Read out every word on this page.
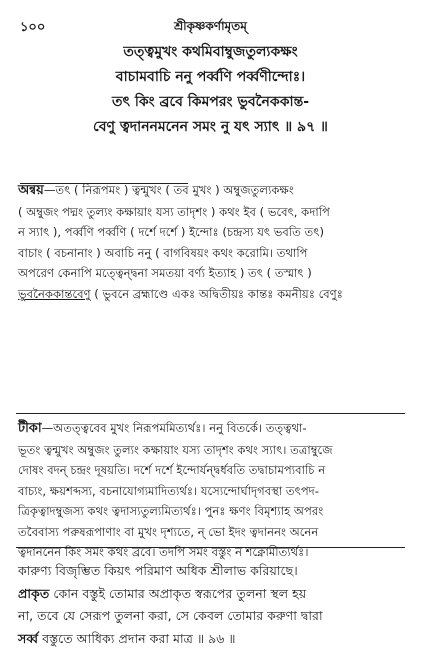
১০০	শ্রীকৃষ্ণকর্ণামৃতম্
তত্ত্বমুখং কথমিবাম্বুজতুল্যকক্ষং
বাচামবাচি ননু পর্ব্বণি পর্ব্বণীন্দোঃ।
তৎ কিং ব্রবে কিমপরং ভুবনৈককান্ত-
বেণু ত্বদাননমনেন সমং নু যৎ স্যাৎ ॥ ৯৭ ॥

অন্বয়—তৎ ( নিরূপমং ) ত্বন্মুখং ( তব মুখং ) অম্বুজতুল্যকক্ষং

( অম্বুজং পদ্মং তুল্যং কক্ষায়াং যস্য তাদৃশং ) কথং ইব ( ভবেৎ, কদাপি

ন স্যাৎ ), পর্ব্বণি পর্ব্বণি ( দর্শে দর্শে ) ইন্দোঃ (চন্দ্রস্য যৎ ভবতি তৎ)

বাচাং ( বচনানাং ) অবাচি ননু ( বাগবিষয়ং কথং করোমি। তথাপি

অপরেণ কেনাপি মত্ত্বেন্দ্বনা সমতয়া বর্ণ্য ইত্যাহ ) তৎ ( তস্মাৎ )

ভুবনৈককান্তবেণু ( ভুবনে ব্রহ্মাণ্ডে একঃ অদ্বিতীয়ঃ কান্তঃ কমনীয়ঃ বেণুঃ

টীকা—অতত্ত্ববেব মুখং নিরূপমমিত্যর্থঃ। ননু বিতর্কে। তত্ত্বথা-

ভূতং ত্বন্মুখং অম্বুজং তুল্যং কক্ষায়াং যস্য তাদৃশং কথং স্যাৎ। তত্রাম্বুজে

দোষং বদন্ চন্দ্রং দূষয়তি। দর্শে দর্শে ইন্দোর্যন্দ্বর্ধবতি তদ্বাচামপ্যবাচি ন

বাচ্যং, ক্ষয়শব্দস্য, বচনাযোগ্যমাদিত্যর্থঃ। যস্যেন্দোর্ঘাদৃগবস্থা তৎপদ-

ত্রিকৃত্বাদম্বুজস্য কথং ত্বদাস্যতুল্যমিত্যর্থঃ। পুনঃ ক্ষণং বিমৃশ্যাহ অপরং

তবৈবাস্য পরুষরূপাণাং বা মুখং দৃশ্যতে, ন্ ভো ইদং ত্বদাননং অনেন

ত্বদাননেন কিং সমং কথং ব্রবে। তদপি সমং বস্তুং ন শক্নোমীত্যর্থঃ।

কারুণ্য বিজৃম্ভিত কিয়ৎ পরিমাণ অধিক শ্রীলাভ করিয়াছে।

প্রাকৃত কোন বস্তুই তোমার অপ্রাকৃত স্বরূপের তুলনা স্থল হয়

না, তবে যে সেরূপ তুলনা করা, সে কেবল তোমার করুণা দ্বারা

সর্ব্ব বস্তুতে আধিক্য প্রদান করা মাত্র ॥ ৯৬ ॥
